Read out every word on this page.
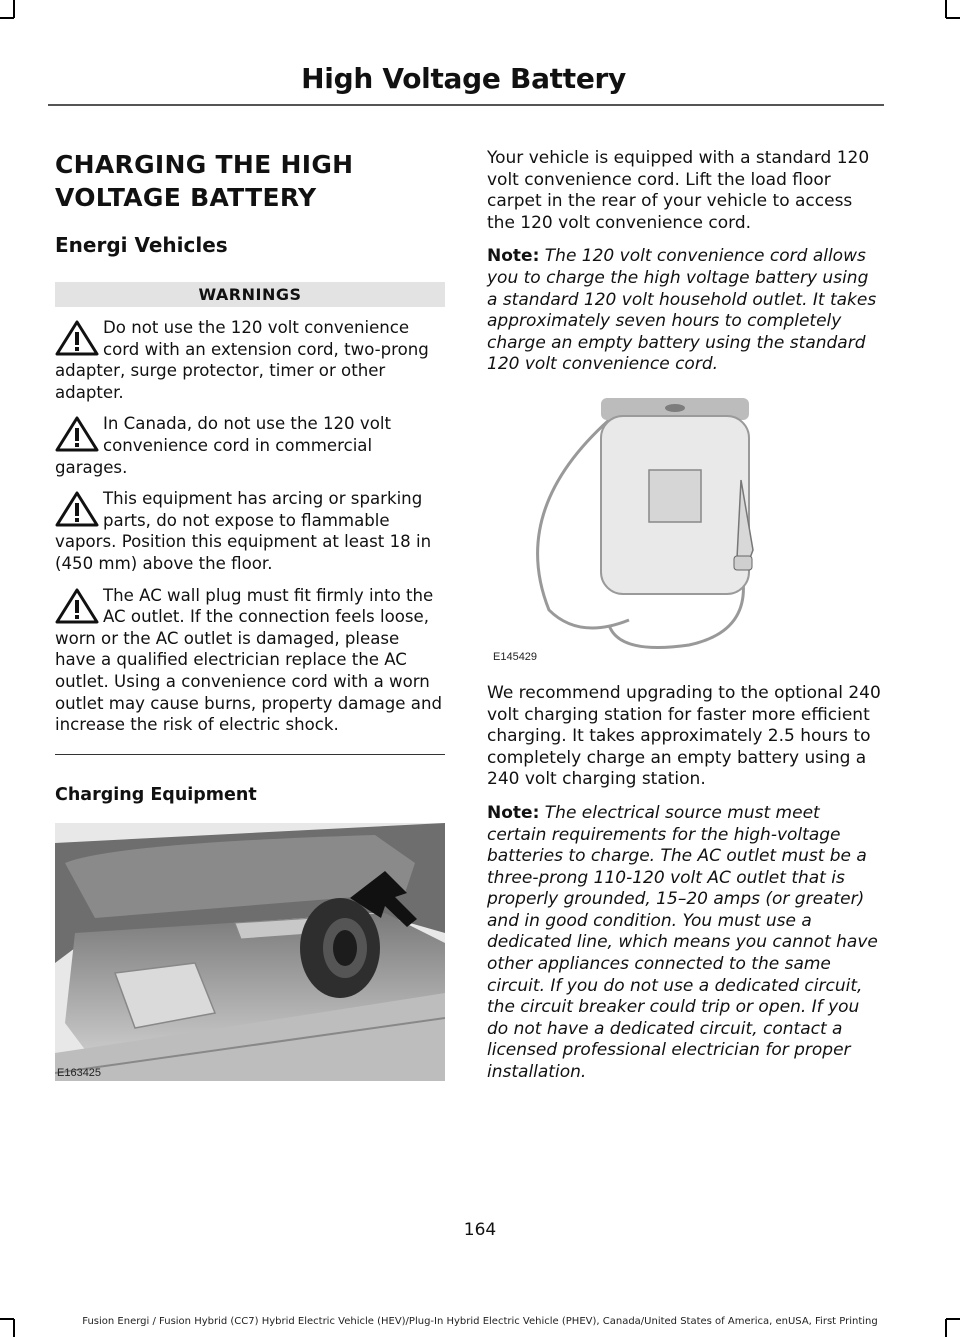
High Voltage Battery
CHARGING THE HIGH VOLTAGE BATTERY
Energi Vehicles
WARNINGS
Do not use the 120 volt convenience cord with an extension cord, two-prong adapter, surge protector, timer or other adapter.
In Canada, do not use the 120 volt convenience cord in commercial garages.
This equipment has arcing or sparking parts, do not expose to flammable vapors. Position this equipment at least 18 in (450 mm) above the floor.
The AC wall plug must fit firmly into the AC outlet. If the connection feels loose, worn or the AC outlet is damaged, please have a qualified electrician replace the AC outlet. Using a convenience cord with a worn outlet may cause burns, property damage and increase the risk of electric shock.
Charging Equipment
E163425

Your vehicle is equipped with a standard 120 volt convenience cord. Lift the load floor carpet in the rear of your vehicle to access the 120 volt convenience cord.

Note: The 120 volt convenience cord allows you to charge the high voltage battery using a standard 120 volt household outlet. It takes approximately seven hours to completely charge an empty battery using the standard 120 volt convenience cord.

E145429

We recommend upgrading to the optional 240 volt charging station for faster more efficient charging. It takes approximately 2.5 hours to completely charge an empty battery using a 240 volt charging station.

Note: The electrical source must meet certain requirements for the high-voltage batteries to charge. The AC outlet must be a three-prong 110-120 volt AC outlet that is properly grounded, 15–20 amps (or greater) and in good condition. You must use a dedicated line, which means you cannot have other appliances connected to the same circuit. If you do not use a dedicated circuit, the circuit breaker could trip or open. If you do not have a dedicated circuit, contact a licensed professional electrician for proper installation.

164
Fusion Energi / Fusion Hybrid (CC7) Hybrid Electric Vehicle (HEV)/Plug-In Hybrid Electric Vehicle (PHEV), Canada/United States of America, enUSA, First Printing
